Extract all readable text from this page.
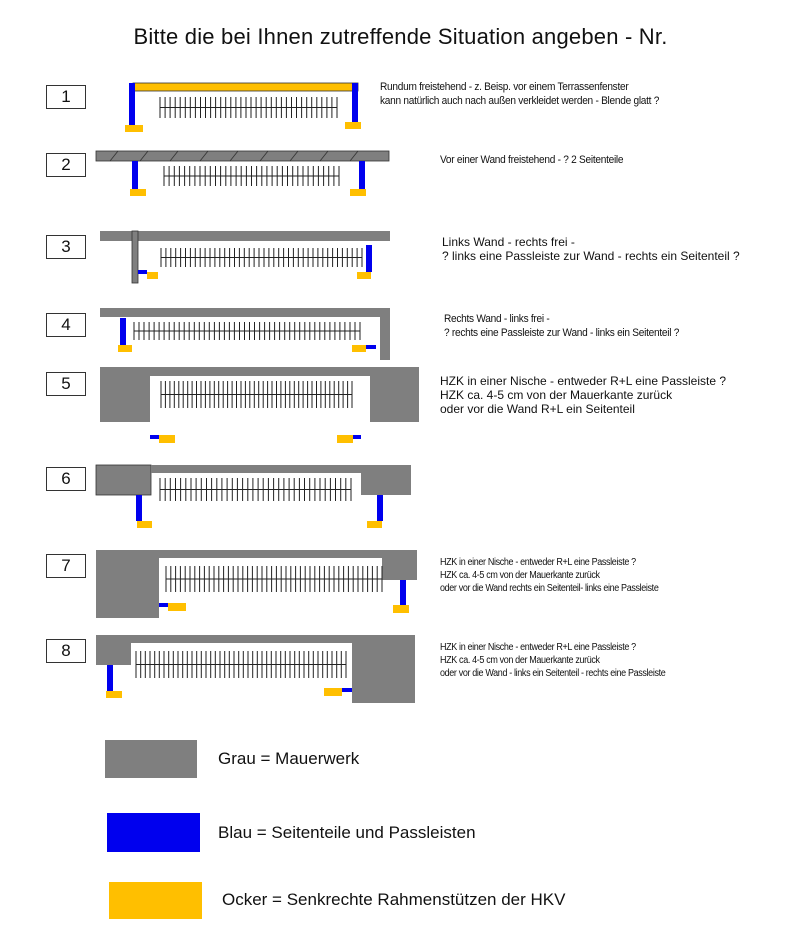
Bitte die bei Ihnen zutreffende Situation angeben - Nr.
1
2
3
4
5
6
7
8
Rundum freistehend - z. Beisp. vor einem Terrassenfenster
kann natürlich auch nach außen verkleidet werden - Blende glatt ?
Vor einer Wand freistehend - ? 2 Seitenteile
Links Wand - rechts frei -
? links eine Passleiste zur Wand - rechts ein Seitenteil ?
Rechts Wand - links frei -
? rechts eine Passleiste zur Wand - links ein Seitenteil ?
HZK in einer Nische - entweder R+L eine Passleiste ?
HZK ca. 4-5 cm von der Mauerkante zurück
oder vor die Wand R+L ein Seitenteil
HZK in einer Nische - entweder R+L eine Passleiste ?
HZK ca. 4-5 cm von der Mauerkante zurück
oder vor die Wand rechts ein Seitenteil- links eine Passleiste
HZK in einer Nische - entweder R+L eine Passleiste ?
HZK ca. 4-5 cm von der Mauerkante zurück
oder vor die Wand - links ein Seitenteil - rechts eine Passleiste
Grau = Mauerwerk
Blau = Seitenteile und Passleisten
Ocker = Senkrechte Rahmenstützen der HKV
